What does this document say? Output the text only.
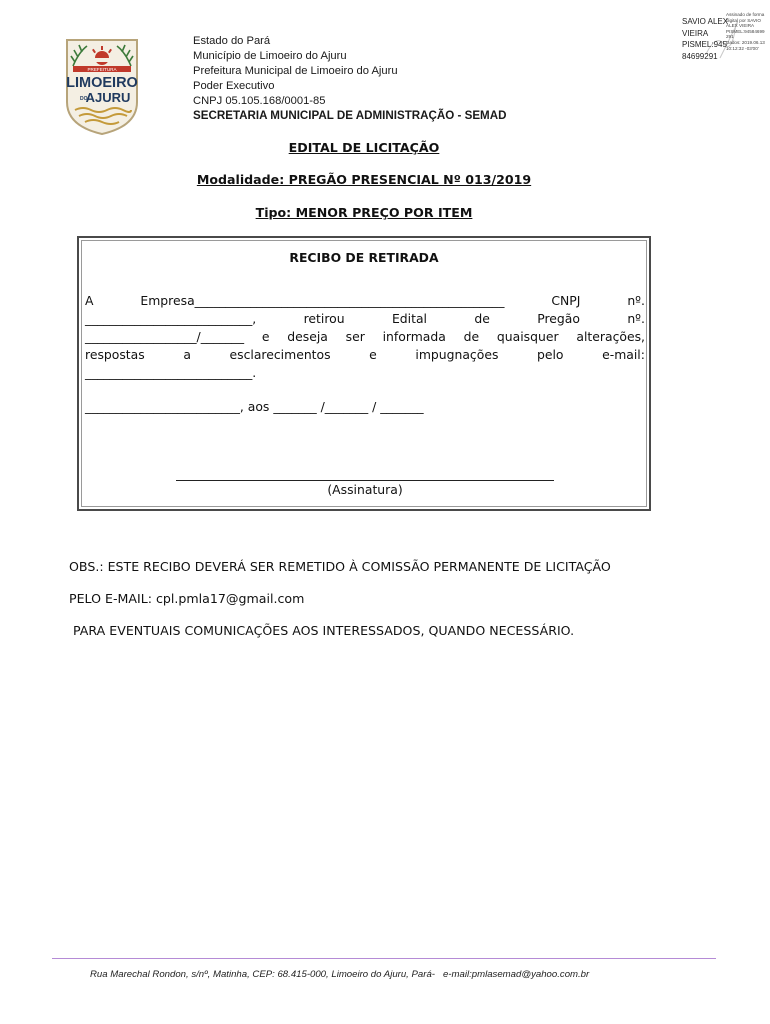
PREFEITURA
LIMOEIRO
DO
AJURU
Estado do Pará
Município de Limoeiro do Ajuru
Prefeitura Municipal de Limoeiro do Ajuru
Poder Executivo
CNPJ 05.105.168/0001-85
SECRETARIA MUNICIPAL DE ADMINISTRAÇÃO - SEMAD
SAVIO ALEX
VIEIRA
PISMEL:945
84699291
Assinado de forma
digital por SAVIO
ALEX VIEIRA
PISMEL:94584699
291
Dados: 2019.06.13
10:12:32 -03'00'
EDITAL DE LICITAÇÃO
Modalidade: PREGÃO PRESENCIAL Nº 013/2019
Tipo: MENOR PREÇO POR ITEM
RECIBO DE RETIRADA
A	Empresa__________________________________________________	CNPJ	nº.
___________________________,	retirou	Edital	de	Pregão	nº.
__________________/_______ e deseja ser informada de quaisquer alterações,
respostas	a	esclarecimentos	e	impugnações	pelo	e-mail:
___________________________.
_________________________, aos _______ /_______ / _______
(Assinatura)
OBS.: ESTE RECIBO DEVERÁ SER REMETIDO À COMISSÃO PERMANENTE DE LICITAÇÃO
PELO E-MAIL: cpl.pmla17@gmail.com
PARA EVENTUAIS COMUNICAÇÕES AOS INTERESSADOS, QUANDO NECESSÁRIO.
Rua Marechal Rondon, s/nº, Matinha, CEP: 68.415-000, Limoeiro do Ajuru, Pará-   e-mail:pmlasemad@yahoo.com.br
